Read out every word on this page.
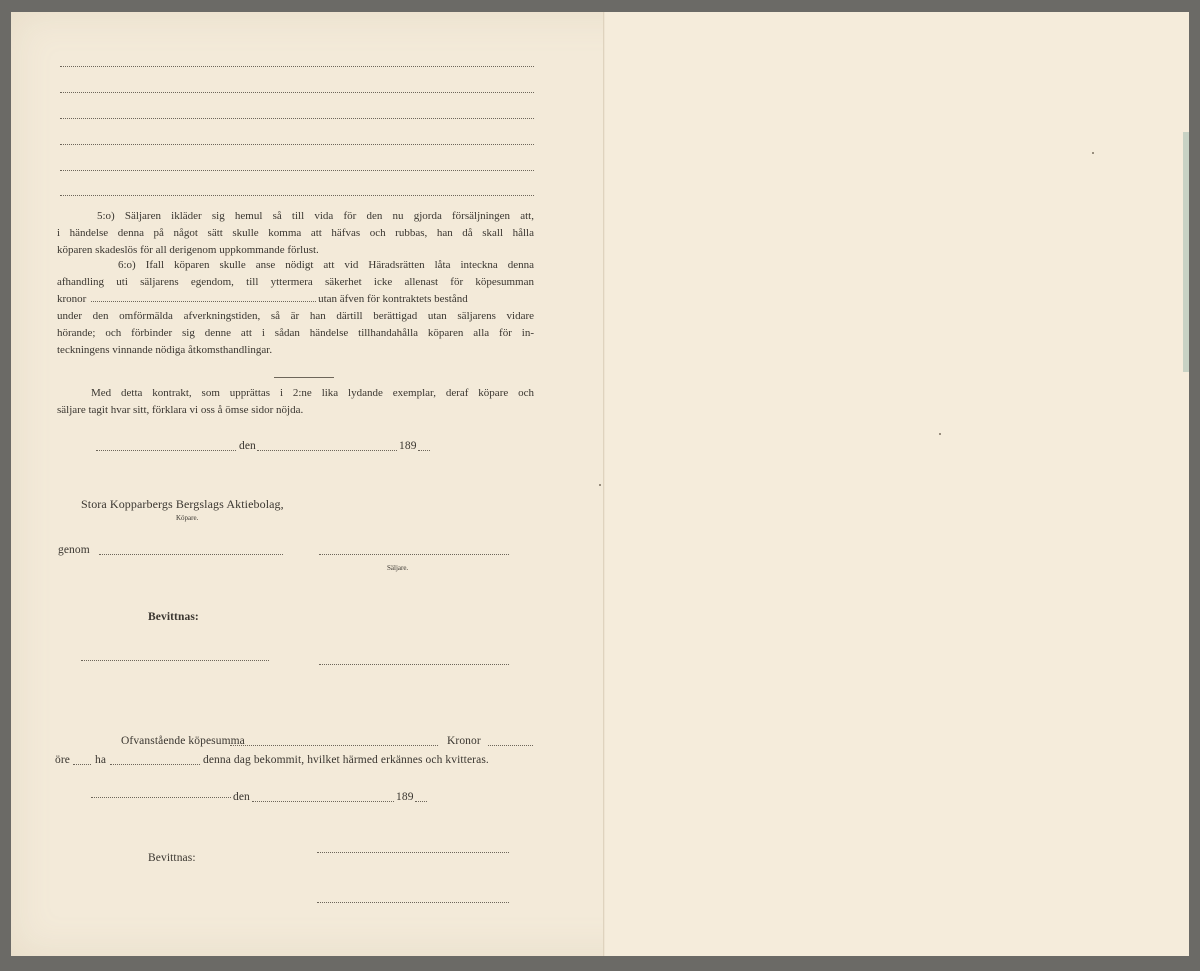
5:o) Säljaren ikläder sig hemul så till vida för den nu gjorda försäljningen att,
i händelse denna på något sätt skulle komma att häfvas och rubbas, han då skall hålla
köparen skadeslös för all derigenom uppkommande förlust.
6:o) Ifall köparen skulle anse nödigt att vid Häradsrätten låta inteckna denna
afhandling uti säljarens egendom, till yttermera säkerhet icke allenast för köpesumman
kronor	utan äfven för kontraktets bestånd
under den omförmälda afverkningstiden, så är han därtill berättigad utan säljarens vidare
hörande; och förbinder sig denne att i sådan händelse tillhandahålla köparen alla för in-
teckningens vinnande nödiga åtkomsthandlingar.
Med detta kontrakt, som upprättas i 2:ne lika lydande exemplar, deraf köpare och
säljare tagit hvar sitt, förklara vi oss å ömse sidor nöjda.
den	189
Stora Kopparbergs Bergslags Aktiebolag,
Köpare.
genom
Säljare.
Bevittnas:
Ofvanstående köpesumma	Kronor
öre ha	denna dag bekommit, hvilket härmed erkännes och kvitteras.
den	189
Bevittnas:
